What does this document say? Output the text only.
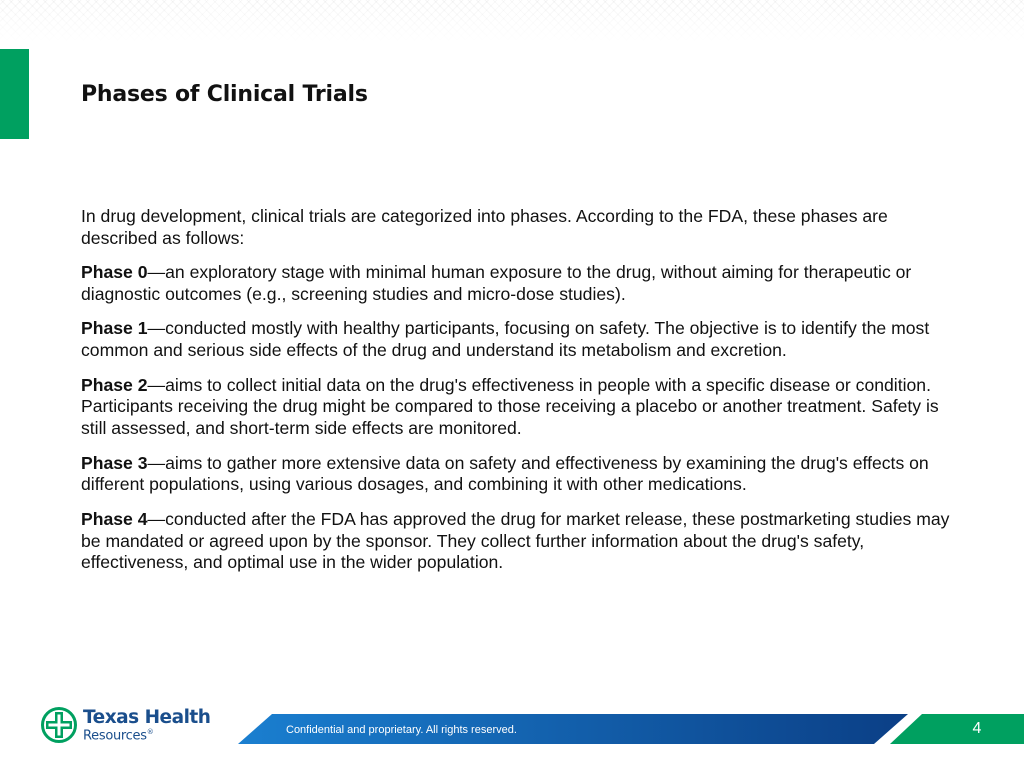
Phases of Clinical Trials

In drug development, clinical trials are categorized into phases. According to the FDA, these phases are described as follows:

Phase 0—an exploratory stage with minimal human exposure to the drug, without aiming for therapeutic or diagnostic outcomes (e.g., screening studies and micro-dose studies).

Phase 1—conducted mostly with healthy participants, focusing on safety. The objective is to identify the most common and serious side effects of the drug and understand its metabolism and excretion.

Phase 2—aims to collect initial data on the drug's effectiveness in people with a specific disease or condition. Participants receiving the drug might be compared to those receiving a placebo or another treatment. Safety is still assessed, and short-term side effects are monitored.

Phase 3—aims to gather more extensive data on safety and effectiveness by examining the drug's effects on different populations, using various dosages, and combining it with other medications.

Phase 4—conducted after the FDA has approved the drug for market release, these postmarketing studies may be mandated or agreed upon by the sponsor. They collect further information about the drug's safety, effectiveness, and optimal use in the wider population.

Texas Health
Resources®	Confidential and proprietary. All rights reserved.	4
